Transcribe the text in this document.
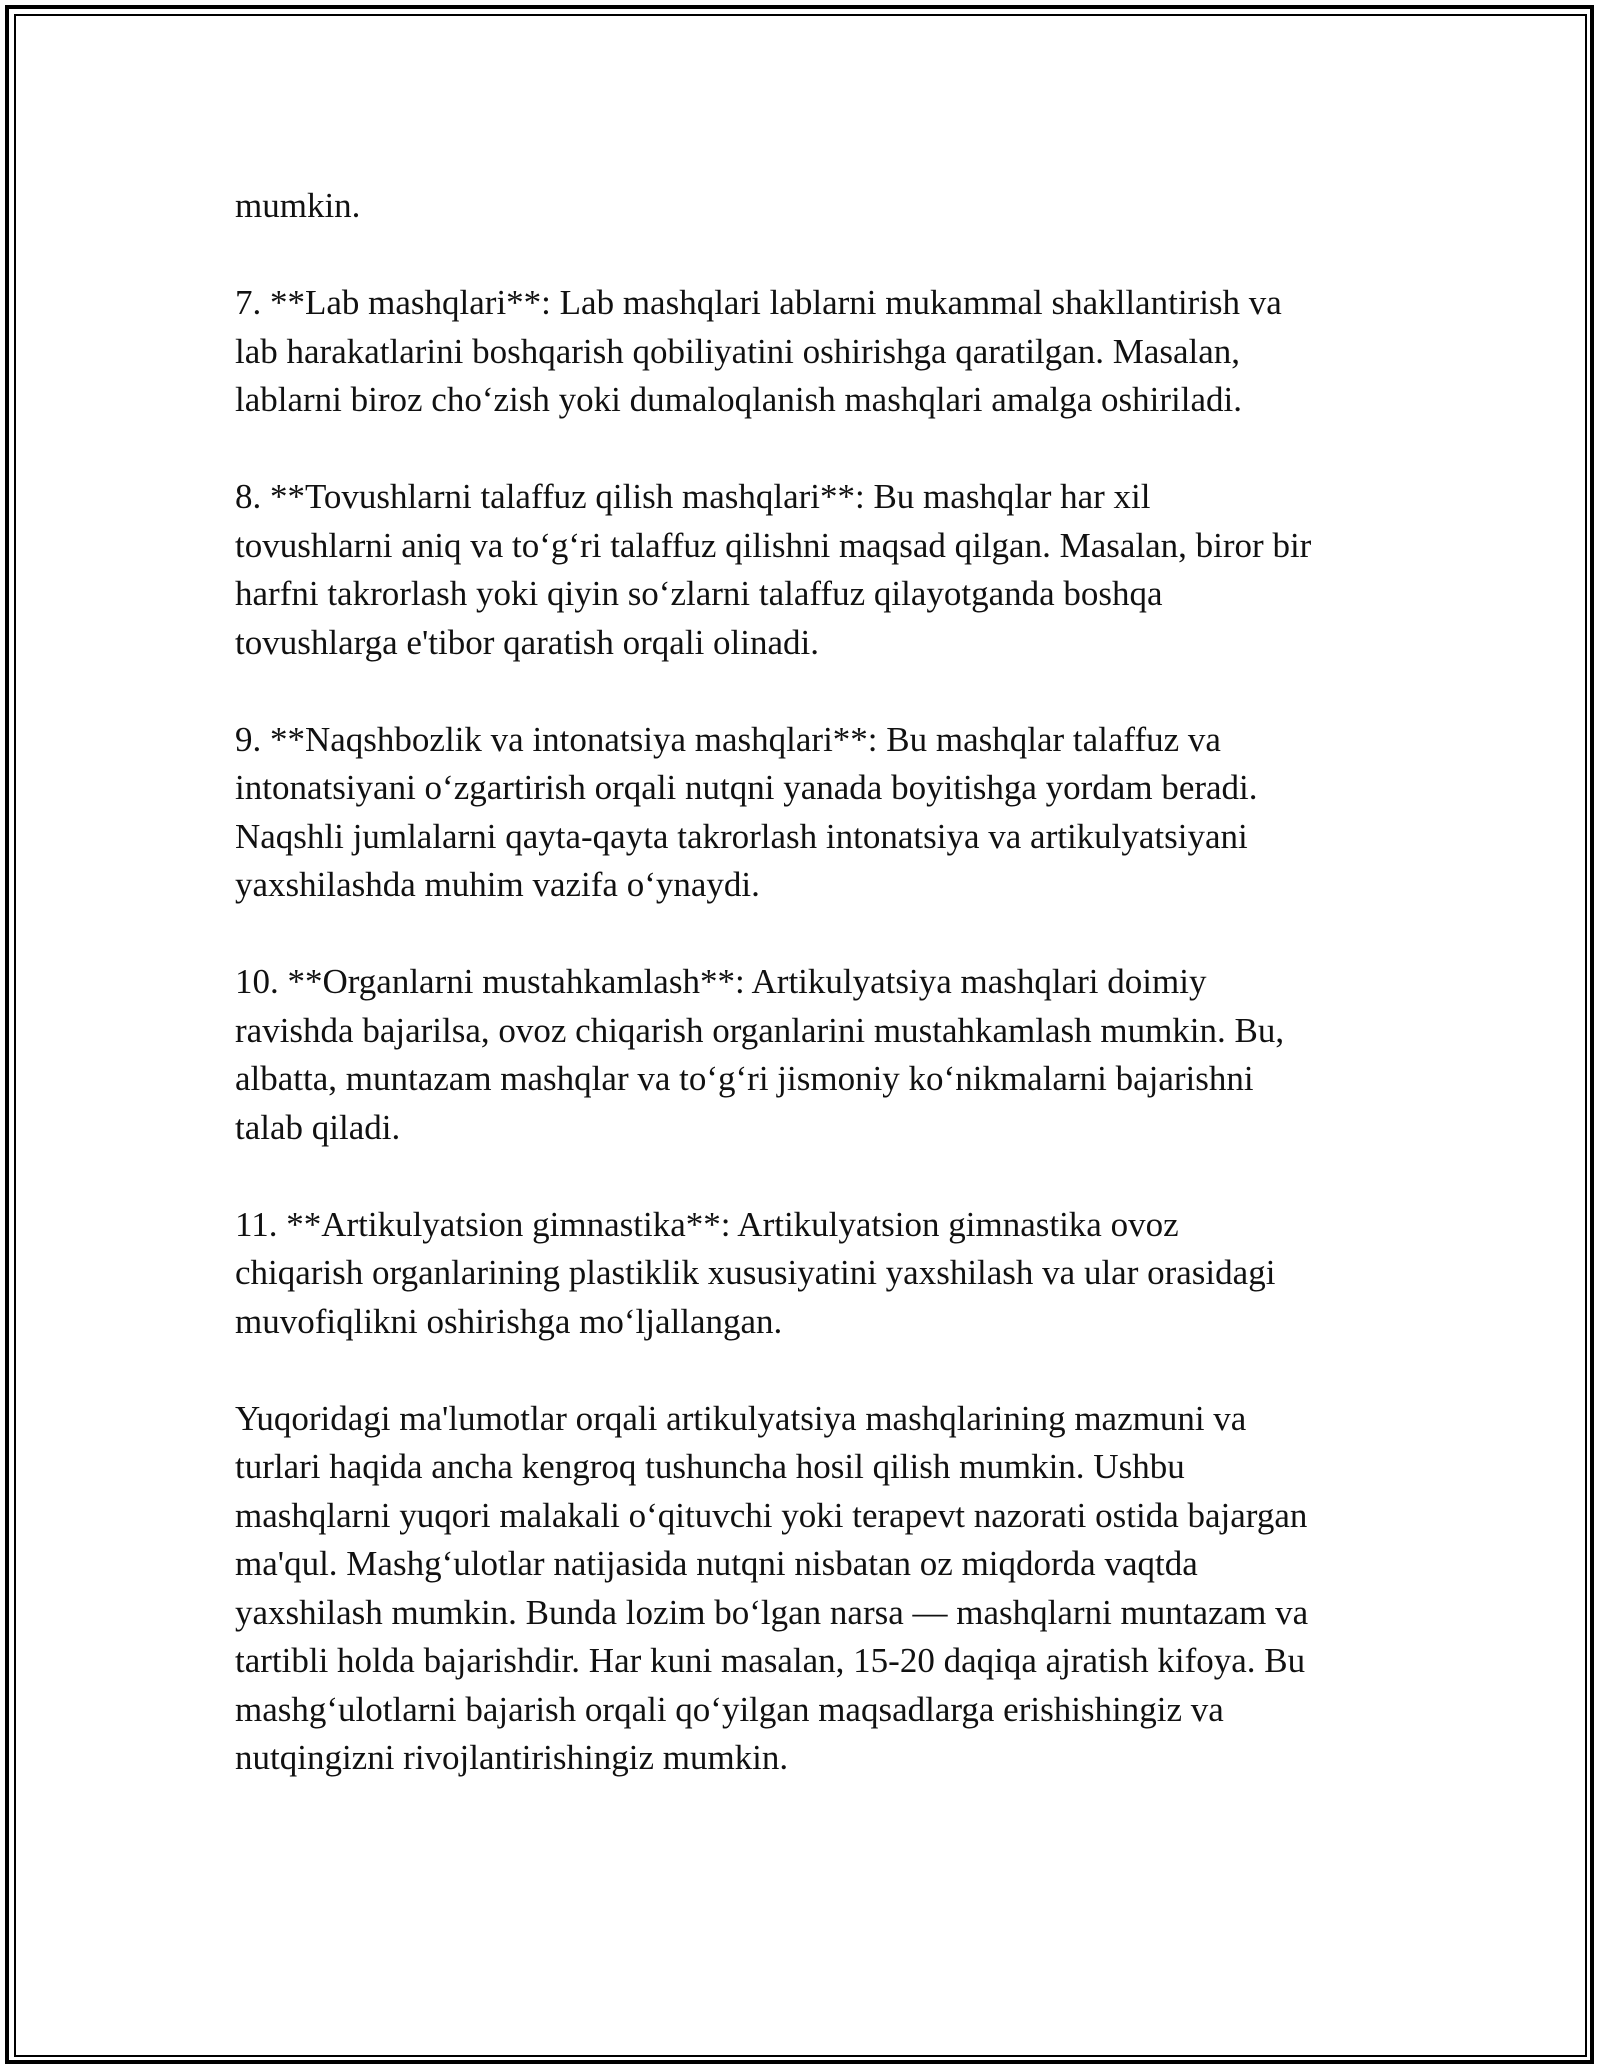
mumkin.

7. **Lab mashqlari**: Lab mashqlari lablarni mukammal shakllantirish va
lab harakatlarini boshqarish qobiliyatini oshirishga qaratilgan. Masalan,
lablarni biroz cho‘zish yoki dumaloqlanish mashqlari amalga oshiriladi.

8. **Tovushlarni talaffuz qilish mashqlari**: Bu mashqlar har xil
tovushlarni aniq va to‘g‘ri talaffuz qilishni maqsad qilgan. Masalan, biror bir
harfni takrorlash yoki qiyin so‘zlarni talaffuz qilayotganda boshqa
tovushlarga e'tibor qaratish orqali olinadi.

9. **Naqshbozlik va intonatsiya mashqlari**: Bu mashqlar talaffuz va
intonatsiyani o‘zgartirish orqali nutqni yanada boyitishga yordam beradi.
Naqshli jumlalarni qayta-qayta takrorlash intonatsiya va artikulyatsiyani
yaxshilashda muhim vazifa o‘ynaydi.

10. **Organlarni mustahkamlash**: Artikulyatsiya mashqlari doimiy
ravishda bajarilsa, ovoz chiqarish organlarini mustahkamlash mumkin. Bu,
albatta, muntazam mashqlar va to‘g‘ri jismoniy ko‘nikmalarni bajarishni
talab qiladi.

11. **Artikulyatsion gimnastika**: Artikulyatsion gimnastika ovoz
chiqarish organlarining plastiklik xususiyatini yaxshilash va ular orasidagi
muvofiqlikni oshirishga mo‘ljallangan.

Yuqoridagi ma'lumotlar orqali artikulyatsiya mashqlarining mazmuni va
turlari haqida ancha kengroq tushuncha hosil qilish mumkin. Ushbu
mashqlarni yuqori malakali o‘qituvchi yoki terapevt nazorati ostida bajargan
ma'qul. Mashg‘ulotlar natijasida nutqni nisbatan oz miqdorda vaqtda
yaxshilash mumkin. Bunda lozim bo‘lgan narsa — mashqlarni muntazam va
tartibli holda bajarishdir. Har kuni masalan, 15-20 daqiqa ajratish kifoya. Bu
mashg‘ulotlarni bajarish orqali qo‘yilgan maqsadlarga erishishingiz va
nutqingizni rivojlantirishingiz mumkin.
